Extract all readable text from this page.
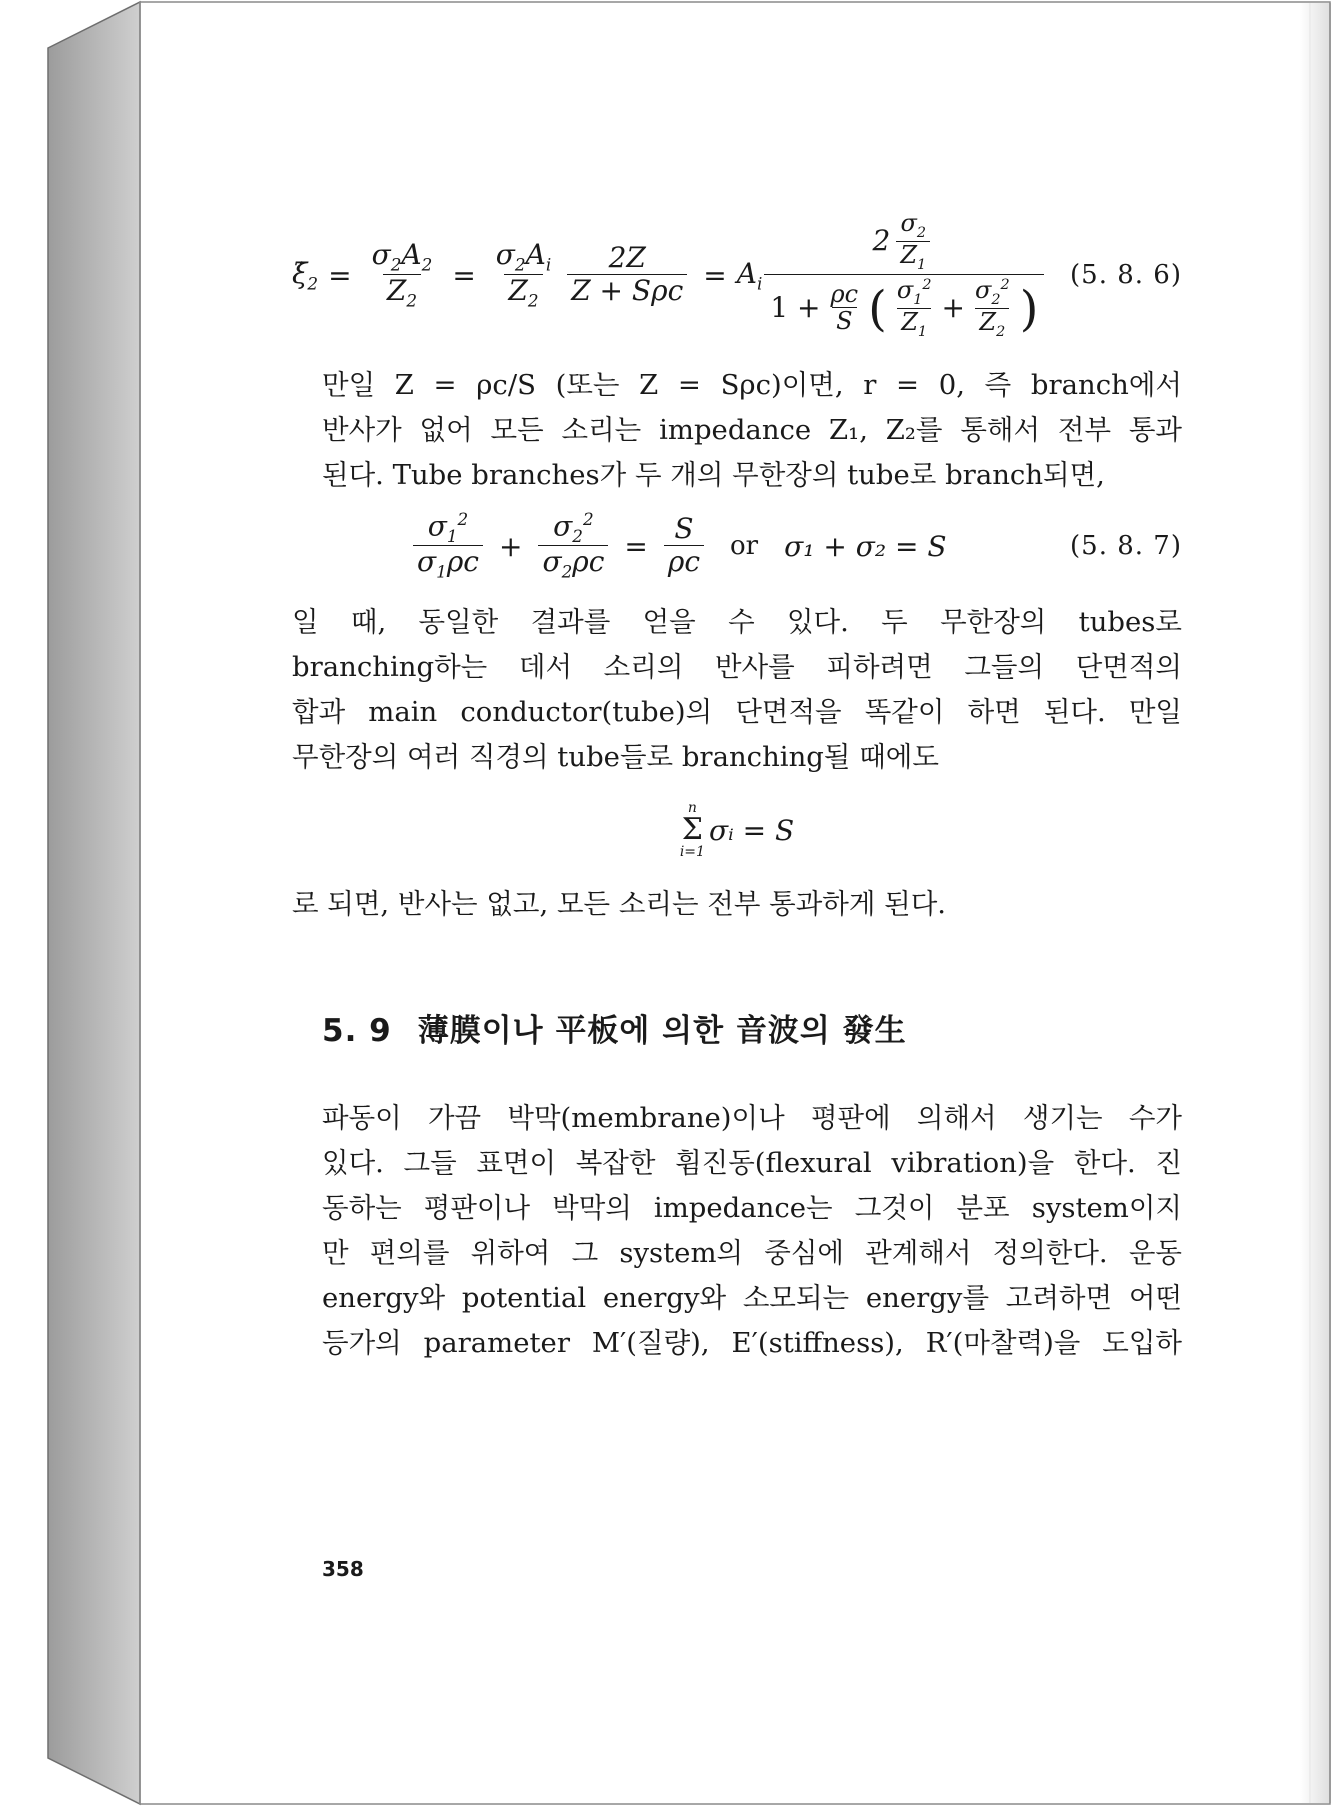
$\xi̇_2 = \frac{\sigma_2A_2}{Z_2} = \frac{\sigma_2A_i}{Z_2} \frac{2Z}{\text{Z + Sρc}} = A_i$
$2 \frac{\sigma_2}{Z_1}$
$1 + \frac{\rho c}{S}$ ( $\frac{\sigma_1^2}{Z_1} + \frac{\sigma_2^2}{Z_2}$ )
(5. 8. 6)

만일 Z = ρc/S (또는 Z = Sρc)이면, r = 0, 즉 branch에서
반사가 없어 모든 소리는 impedance Z₁, Z₂를 통해서 전부 통과
된다. Tube branches가 두 개의 무한장의 tube로 branch되면,

$\frac{\sigma_1^2}{\sigma_1\rho c} + \frac{\sigma_2^2}{\sigma_2\rho c} = \frac{S}{\rho c}$ or σ₁ + σ₂ = S	(5. 8. 7)

일 때, 동일한 결과를 얻을 수 있다. 두 무한장의 tubes로
branching하는 데서 소리의 반사를 피하려면 그들의 단면적의
합과 main conductor(tube)의 단면적을 똑같이 하면 된다. 만일
무한장의 여러 직경의 tube들로 branching될 때에도

n
Σ
i=1
σᵢ = S

로 되면, 반사는 없고, 모든 소리는 전부 통과하게 된다.

5. 9 薄膜이나 平板에 의한 音波의 發生

파동이 가끔 박막(membrane)이나 평판에 의해서 생기는 수가
있다. 그들 표면이 복잡한 휨진동(flexural vibration)을 한다. 진
동하는 평판이나 박막의 impedance는 그것이 분포 system이지
만 편의를 위하여 그 system의 중심에 관계해서 정의한다. 운동
energy와 potential energy와 소모되는 energy를 고려하면 어떤
등가의 parameter M′(질량), E′(stiffness), R′(마찰력)을 도입하

358
